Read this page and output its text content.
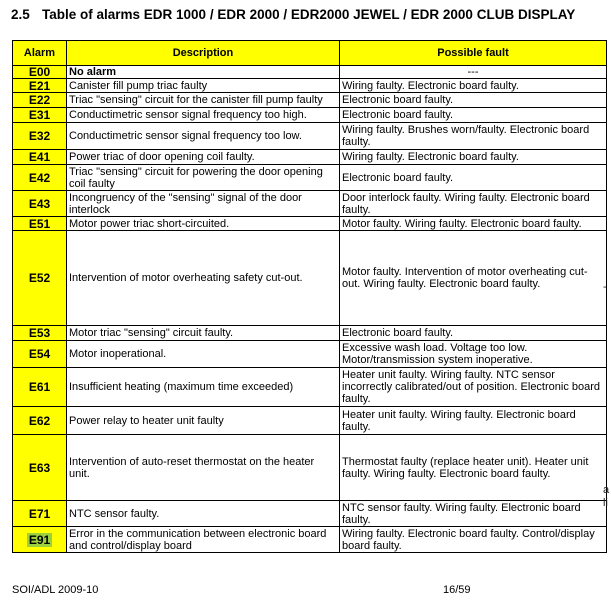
2.5 Table of alarms EDR 1000 / EDR 2000 / EDR2000 JEWEL / EDR 2000 CLUB DISPLAY
Alarm	Description	Possible fault
E00	No alarm	---
E21	Canister fill pump triac faulty	Wiring faulty. Electronic board faulty.
E22	Triac "sensing" circuit for the canister fill pump faulty	Electronic board faulty.
E31	Conductimetric sensor signal frequency too high.	Electronic board faulty.
E32	Conductimetric sensor signal frequency too low.	Wiring faulty. Brushes worn/faulty. Electronic board faulty.
E41	Power triac of door opening coil faulty.	Wiring faulty. Electronic board faulty.
E42	Triac "sensing" circuit for powering the door opening coil faulty	Electronic board faulty.
E43	Incongruency of the "sensing" signal of the door interlock	Door interlock faulty. Wiring faulty. Electronic board faulty.
E51	Motor power triac short-circuited.	Motor faulty. Wiring faulty. Electronic board faulty.
E52	Intervention of motor overheating safety cut-out.	Motor faulty. Intervention of motor overheating cut-out. Wiring faulty. Electronic board faulty.
E53	Motor triac "sensing" circuit faulty.	Electronic board faulty.
E54	Motor inoperational.	Excessive wash load. Voltage too low. Motor/transmission system inoperative.
E61	Insufficient heating (maximum time exceeded)	Heater unit faulty. Wiring faulty. NTC sensor incorrectly calibrated/out of position. Electronic board faulty.
E62	Power relay to heater unit faulty	Heater unit faulty. Wiring faulty. Electronic board faulty.
E63	Intervention of auto-reset thermostat on the heater unit.	Thermostat faulty (replace heater unit). Heater unit faulty. Wiring faulty. Electronic board faulty.
E71	NTC sensor faulty.	NTC sensor faulty. Wiring faulty. Electronic board faulty.
E91	Error in the communication between electronic board and control/display board	Wiring faulty. Electronic board faulty. Control/display board faulty.
-
a
li
SOI/ADL 2009-10	16/59
